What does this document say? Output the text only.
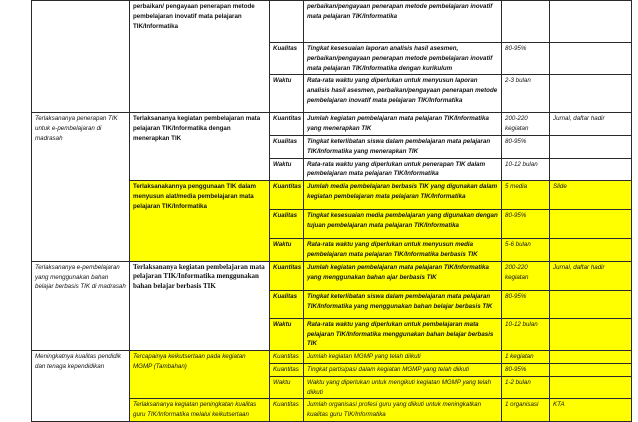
	perbaikan/ pengayaan penerapan metode pembelajaran inovatif mata pelajaran TIK/Informatika		perbaikan/pengayaan penerapan metode pembelajaran inovatif mata pelajaran TIK/Informatika		
		Kualitas	Tingkat kesesuaian laporan analisis hasil asesmen, perbaikan/pengayaan penerapan metode pembelajaran inovatif mata pelajaran TIK/Informatika dengan kurikulum	80-95%	
		Waktu	Rata-rata waktu yang diperlukan untuk menyusun laporan analisis hasil asesmen, perbaikan/pengayaan penerapan metode pembelajaran inovatif mata pelajaran TIK/Informatika	2-3 bulan	
Terlaksananya penerapan TIK untuk e-pembelajaran di madrasah	Terlaksananya kegiatan pembelajaran mata pelajaran TIK/Informatika dengan menerapkan TIK	Kuantitas	Jumlah kegiatan pembelajaran mata pelajaran TIK/Informatika yang menerapkan TIK	200-220 kegiatan	Jurnal, daftar hadir
		Kualitas	Tingkat keterlibatan siswa dalam pembelajaran mata pelajaran TIK/Informatika yang menerapkan TIK	80-95%	
		Waktu	Rata-rata waktu yang diperlukan untuk penerapan TIK dalam pembelajaran mata pelajaran TIK/Informatika	10-12 bulan	
	Terlaksanakannya penggunaan TIK dalam menyusun alat/media pembelajaran mata pelajaran TIK/Informatika	Kuantitas	Jumlah media pembelajaran berbasis TIK yang digunakan dalam kegiatan pembelajaran mata pelajaran TIK/Informatika	5 media	Slide
		Kualitas	Tingkat kesesuaian media pembelajaran yang digunakan dengan tujuan pembelajaran mata pelajaran TIK/Informatika	80-95%	
		Waktu	Rata-rata waktu yang diperlukan untuk menyusun media pembelajaran mata pelajaran TIK/Informatika berbasis TIK	5-6 bulan	
Terlaksananya e-pembelajaran yang menggunakan bahan belajar berbasis TIK di madrasah	Terlaksananya kegiatan pembelajaran mata pelajaran TIK/Informatika menggunakan bahan belajar berbasis TIK	Kuantitas	Jumlah kegiatan pembelajaran mata pelajaran TIK/Informatika yang menggunakan bahan ajar berbasis TIK	200-220 kegiatan	Jurnal, daftar hadir
		Kualitas	Tingkat keterlibatan siswa dalam pembelajaran mata pelajaran TIK/Informatika yang menggunakan bahan belajar berbasis TIK	80-95%	
		Waktu	Rata-rata waktu yang diperlukan untuk pembelajaran mata pelajaran TIK/Informatika menggunakan bahan belajar berbasis TIK	10-12 bulan	
Meningkatnya kualitas pendidik dan tenaga kependidikan	Tercapainya keikutsertaan pada kegiatan MGMP (Tambahan)	Kuantitas	Jumlah kegiatan MGMP yang telah diikuti	1 kegiatan	
		Kuantitas	Tingkat partisipasi dalam kegiatan MGMP yang telah diikuti	80-95%	
		Waktu	Waktu yang diperlukan untuk mengikuti kegiatan MGMP yang telah diikuti	1-2 bulan	
	Terlaksananya kegiatan peningkatan kualitas guru TIK/Informatika melalui keikutsertaan	Kuantitas	Jumlah organisasi profesi guru yang diikuti untuk meningkatkan kualitas guru TIK/Informatika	1 organisasi	KTA
